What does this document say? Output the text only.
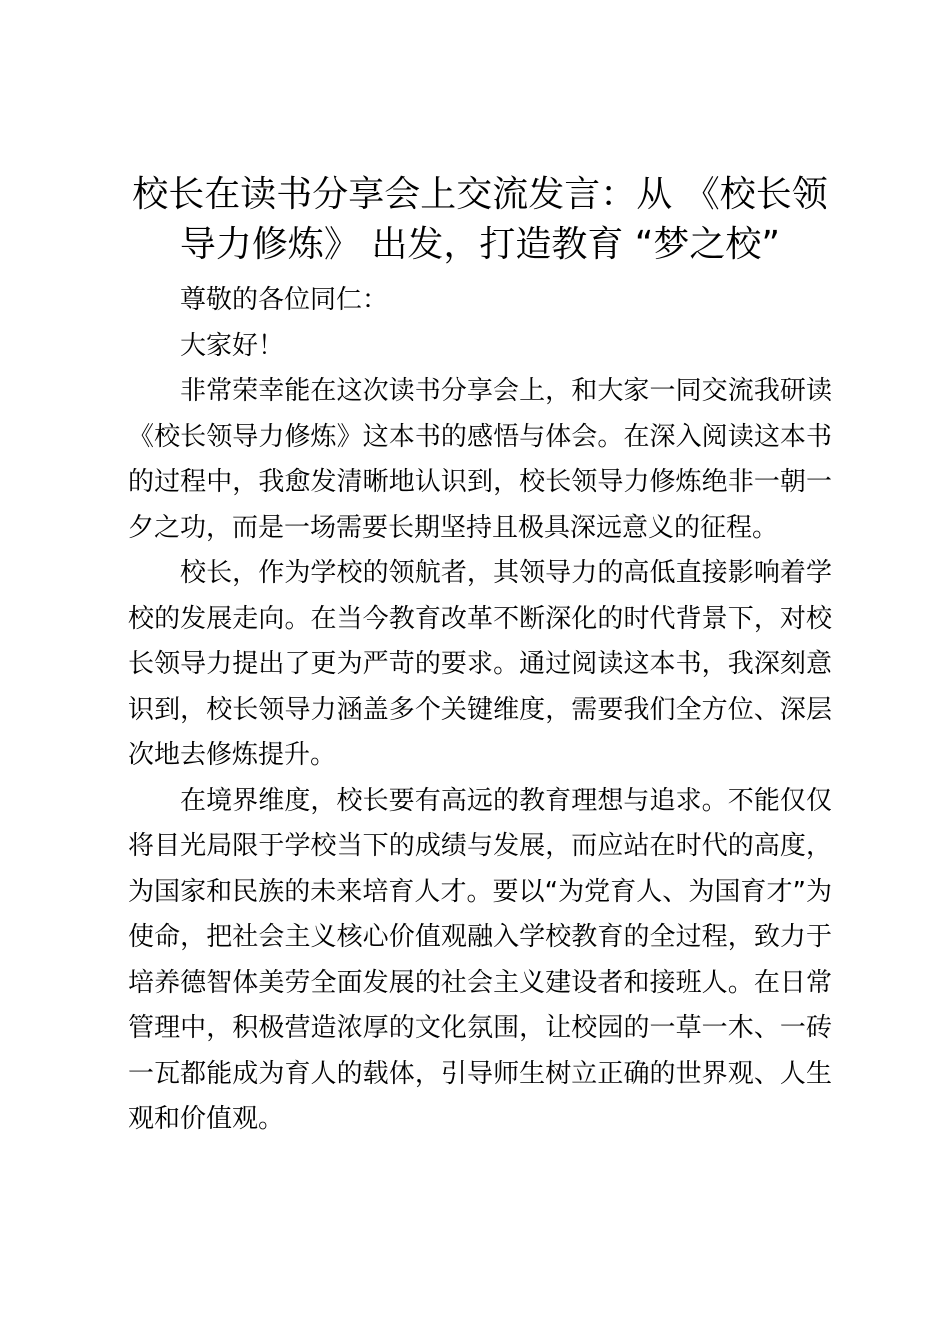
校长在读书分享会上交流发言：从 《校长领导力修炼》 出发，打造教育 “梦之校”

尊敬的各位同仁：

大家好！

非常荣幸能在这次读书分享会上，和大家一同交流我研读《校长领导力修炼》这本书的感悟与体会。在深入阅读这本书的过程中，我愈发清晰地认识到，校长领导力修炼绝非一朝一夕之功，而是一场需要长期坚持且极具深远意义的征程。

校长，作为学校的领航者，其领导力的高低直接影响着学校的发展走向。在当今教育改革不断深化的时代背景下，对校长领导力提出了更为严苛的要求。通过阅读这本书，我深刻意识到，校长领导力涵盖多个关键维度，需要我们全方位、深层次地去修炼提升。

在境界维度，校长要有高远的教育理想与追求。不能仅仅将目光局限于学校当下的成绩与发展，而应站在时代的高度，为国家和民族的未来培育人才。要以“为党育人、为国育才”为使命，把社会主义核心价值观融入学校教育的全过程，致力于培养德智体美劳全面发展的社会主义建设者和接班人。在日常管理中，积极营造浓厚的文化氛围，让校园的一草一木、一砖一瓦都能成为育人的载体，引导师生树立正确的世界观、人生观和价值观。
